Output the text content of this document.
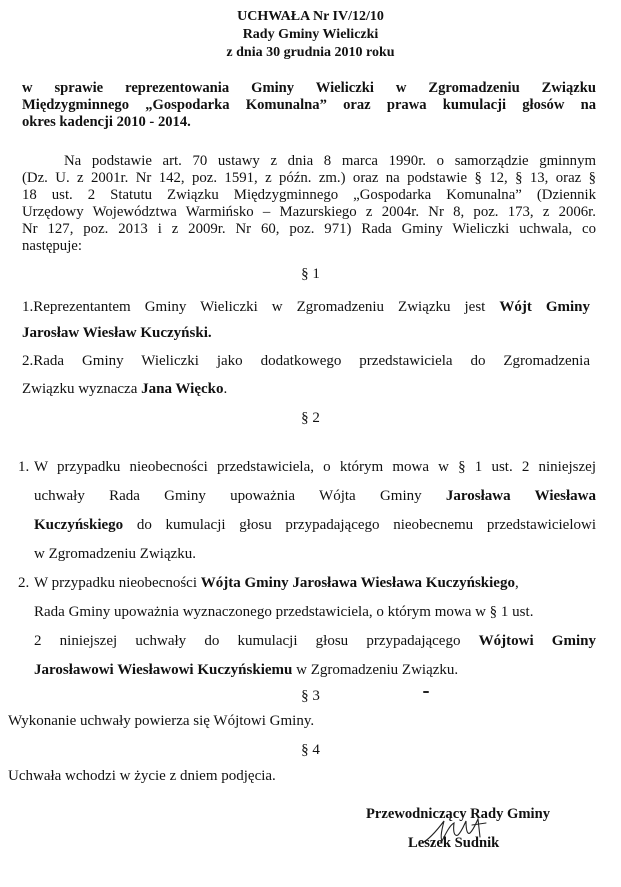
UCHWAŁA Nr IV/12/10
Rady Gminy Wieliczki
z dnia 30 grudnia 2010 roku
w sprawie reprezentowania Gminy Wieliczki w Zgromadzeniu Związku
Międzygminnego „Gospodarka Komunalna” oraz prawa kumulacji głosów na
okres kadencji 2010 - 2014.
Na podstawie art. 70 ustawy z dnia 8 marca 1990r. o samorządzie gminnym
(Dz. U. z 2001r. Nr 142, poz. 1591, z późn. zm.) oraz na podstawie § 12, § 13, oraz §
18 ust. 2 Statutu Związku Międzygminnego „Gospodarka Komunalna” (Dziennik
Urzędowy Województwa Warmińsko – Mazurskiego z 2004r. Nr 8, poz. 173, z 2006r.
Nr 127, poz. 2013 i z 2009r. Nr 60, poz. 971) Rada Gminy Wieliczki uchwala, co
następuje:
§ 1
1.Reprezentantem Gminy Wieliczki w Zgromadzeniu Związku jest Wójt Gminy
Jarosław Wiesław Kuczyński.
2.Rada Gminy Wieliczki jako dodatkowego przedstawiciela do Zgromadzenia
Związku wyznacza Jana Więcko.
§ 2
1. W przypadku nieobecności przedstawiciela, o którym mowa w § 1 ust. 2 niniejszej
uchwały Rada Gminy upoważnia Wójta Gminy Jarosława Wiesława
Kuczyńskiego do kumulacji głosu przypadającego nieobecnemu przedstawicielowi
w Zgromadzeniu Związku.
2. W przypadku nieobecności Wójta Gminy Jarosława Wiesława Kuczyńskiego,
Rada Gminy upoważnia wyznaczonego przedstawiciela, o którym mowa w § 1 ust.
2 niniejszej uchwały do kumulacji głosu przypadającego Wójtowi Gminy
Jarosławowi Wiesławowi Kuczyńskiemu w Zgromadzeniu Związku.
§ 3
Wykonanie uchwały powierza się Wójtowi Gminy.
§ 4
Uchwała wchodzi w życie z dniem podjęcia.
Przewodniczący Rady Gminy
Leszek Sudnik
